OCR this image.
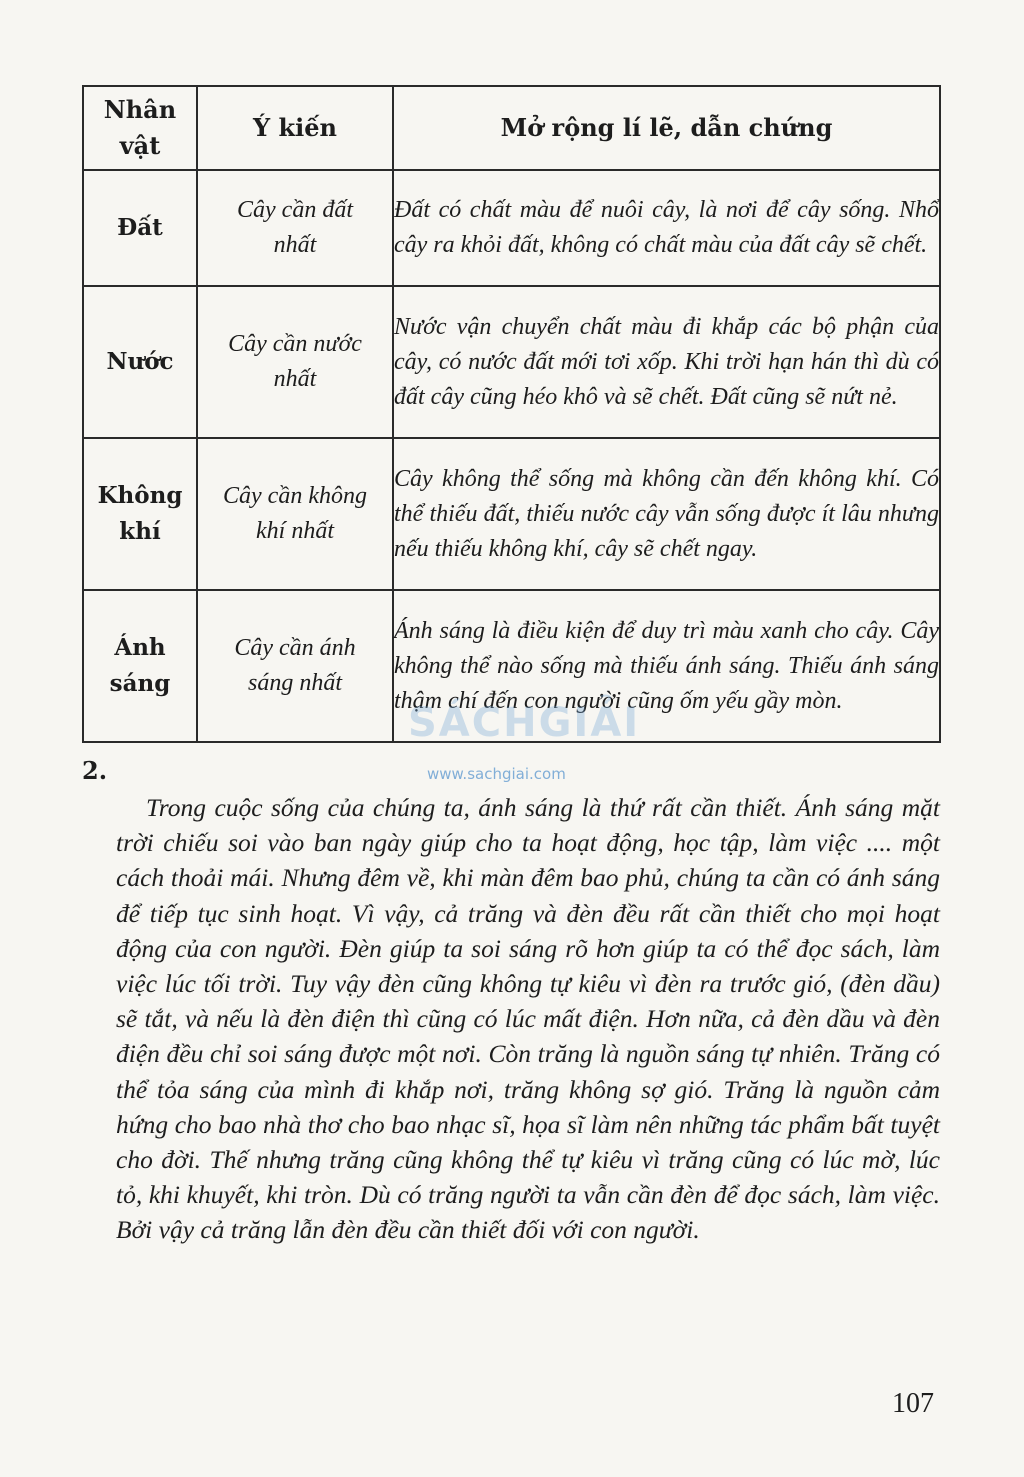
Nhân vật	Ý kiến	Mở rộng lí lẽ, dẫn chứng
Đất	Cây cần đất nhất	Đất có chất màu để nuôi cây, là nơi để cây sống. Nhổ cây ra khỏi đất, không có chất màu của đất cây sẽ chết.
Nước	Cây cần nước nhất	Nước vận chuyển chất màu đi khắp các bộ phận của cây, có nước đất mới tơi xốp. Khi trời hạn hán thì dù có đất cây cũng héo khô và sẽ chết. Đất cũng sẽ nứt nẻ.
Không khí	Cây cần không khí nhất	Cây không thể sống mà không cần đến không khí. Có thể thiếu đất, thiếu nước cây vẫn sống được ít lâu nhưng nếu thiếu không khí, cây sẽ chết ngay.
Ánh sáng	Cây cần ánh sáng nhất	Ánh sáng là điều kiện để duy trì màu xanh cho cây. Cây không thể nào sống mà thiếu ánh sáng. Thiếu ánh sáng thậm chí đến con người cũng ốm yếu gầy mòn.
SÁCHGIẢI
www.sachgiai.com
2.

Trong cuộc sống của chúng ta, ánh sáng là thứ rất cần thiết. Ánh sáng mặt trời chiếu soi vào ban ngày giúp cho ta hoạt động, học tập, làm việc .... một cách thoải mái. Nhưng đêm về, khi màn đêm bao phủ, chúng ta cần có ánh sáng để tiếp tục sinh hoạt. Vì vậy, cả trăng và đèn đều rất cần thiết cho mọi hoạt động của con người. Đèn giúp ta soi sáng rõ hơn giúp ta có thể đọc sách, làm việc lúc tối trời. Tuy vậy đèn cũng không tự kiêu vì đèn ra trước gió, (đèn dầu) sẽ tắt, và nếu là đèn điện thì cũng có lúc mất điện. Hơn nữa, cả đèn dầu và đèn điện đều chỉ soi sáng được một nơi. Còn trăng là nguồn sáng tự nhiên. Trăng có thể tỏa sáng của mình đi khắp nơi, trăng không sợ gió. Trăng là nguồn cảm hứng cho bao nhà thơ cho bao nhạc sĩ, họa sĩ làm nên những tác phẩm bất tuyệt cho đời. Thế nhưng trăng cũng không thể tự kiêu vì trăng cũng có lúc mờ, lúc tỏ, khi khuyết, khi tròn. Dù có trăng người ta vẫn cần đèn để đọc sách, làm việc. Bởi vậy cả trăng lẫn đèn đều cần thiết đối với con người.

107
